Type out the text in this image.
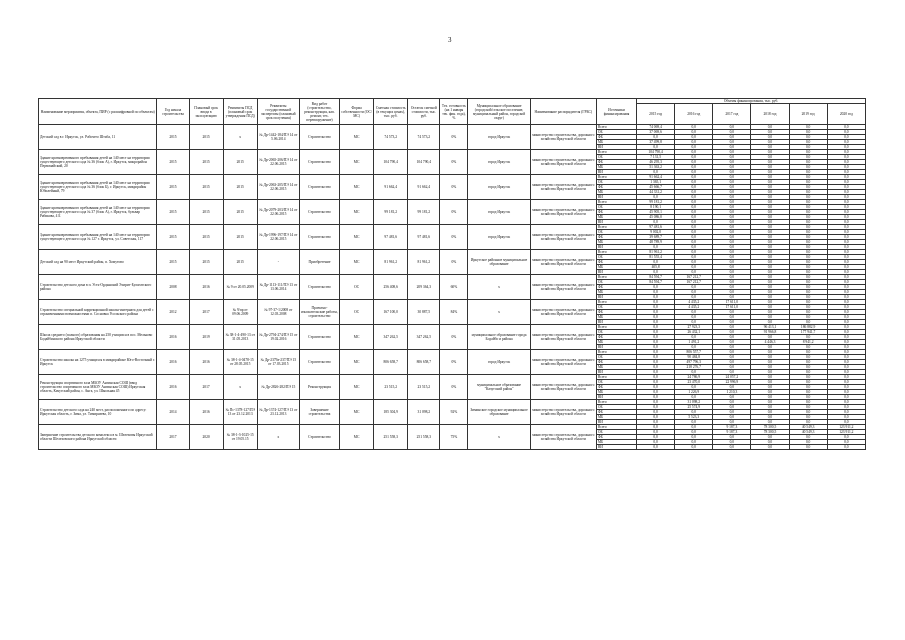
3
Наименование мероприятия, объекта, ПИР (с расшифровкой по объектам)	Год начала строительства	Плановый срок ввода в эксплуатацию	Реквизиты ПСД (плановый срок утверждения ПСД)	Реквизиты государственной экспертизы (плановый срок получения)	Вид работ (строительство, реконструкция, кап. ремонт, тех. перевооружение)	Форма собственности (ОС/МС)	Сметная стоимость (в текущих ценах), тыс. руб.	Остаток сметной стоимости, тыс. руб.	Тех. готовность (на 1 января тек. фин. года), %	Муниципальное образование (городской/сельское поселение, муниципальный район, городской округ)	Наименование распорядителя (ГРБС)	Источники финансирования	Объемы финансирования, тыс. руб.					
													2015 год	2016 год	2017 год	2018 год	2019 год	2020 год
Детский сад в г. Иркутск, ул. Рабочего Штаба, 11	2015	2015	х	№ Др-1442-184/ПЭ 14 от 5.06.2014	Строительство	МС	74 573,2	74 573,2	0%	город Иркутск	министерство строительства, дорожного хозяйства Иркутской области	Всего	74 069,4	0,0	0,0	0,0	0,0	0,0
												ОБ	37 069,6	0,0	0,0	0,0	0,0	0,0
												ФБ	0,0	0,0	0,0	0,0	0,0	0,0
												МБ	37 499,8	0,0	0,0	0,0	0,0	0,0
												ВИ	0,0	0,0	0,0	0,0	0,0	0,0
Здание кратковременного пребывания детей на 140 мест на территории существующего детского сада № 36 (блок А), г. Иркутск, микрорайон Первомайский, 20	2015	2015	2015	№ Др-2065-206/ПЭ 14 от 22.06.2015	Строительство	МС	104 790,4	104 790,4	0%	город Иркутск	министерство строительства, дорожного хозяйства Иркутской области	Всего	104 790,4	0,0	0,0	0,0	0,0	0,0
												ОБ	7 131,5	0,0	0,0	0,0	0,0	0,0
												ФБ	46 295,3	0,0	0,0	0,0	0,0	0,0
												МБ	51 363,2	0,0	0,0	0,0	0,0	0,0
												ВИ	0,0	0,0	0,0	0,0	0,0	0,0
Здание кратковременного пребывания детей на 140 мест на территории существующего детского сада № 36 (блок Б), г. Иркутск, микрорайон Юбилейный, 79	2015	2015	2015	№ Др-2063-205/ПЭ 14 от 22.06.2015	Строительство	МС	91 662,4	91 662,4	0%	город Иркутск	министерство строительства, дорожного хозяйства Иркутской области	Всего	91 662,4	0,0	0,0	0,0	0,0	0,0
												ОБ	1 365,1	0,0	0,0	0,0	0,0	0,0
												ФБ	45 666,7	0,0	0,0	0,0	0,0	0,0
												МБ	44 331,2	0,0	0,0	0,0	0,0	0,0
												ВИ	0,0	0,0	0,0	0,0	0,0	0,0
Здание кратковременного пребывания детей на 140 мест на территории существующего детского сада № 37 (блок А), г. Иркутск, бульвар Рябикова, 4 Б	2015	2015	2015	№ Др-2079-203/ПЭ 14 от 22.06.2015	Строительство	МС	99 181,2	99 181,2	0%	город Иркутск	министерство строительства, дорожного хозяйства Иркутской области	Всего	99 181,2	0,0	0,0	0,0	0,0	0,0
												ОБ	8 190,1	0,0	0,0	0,0	0,0	0,0
												ФБ	45 905,1	0,0	0,0	0,0	0,0	0,0
												МБ	45 086,0	0,0	0,0	0,0	0,0	0,0
												ВИ	0,0	0,0	0,0	0,0	0,0	0,0
Здание кратковременного пребывания детей на 140 мест на территории существующего детского сада № 127 г. Иркутск, ул. Советская, 117	2015	2015	2015	№ Др-1996-197/ПЭ 14 от 22.06.2015	Строительство	МС	97 481,6	97 481,6	0%	город Иркутск	министерство строительства, дорожного хозяйства Иркутской области	Всего	97 481,6	0,0	0,0	0,0	0,0	0,0
												ОБ	9 002,0	0,0	0,0	0,0	0,0	0,0
												ФБ	39 689,7	0,0	0,0	0,0	0,0	0,0
												МБ	48 789,9	0,0	0,0	0,0	0,0	0,0
												ВИ	0,0	0,0	0,0	0,0	0,0	0,0
Детский сад на 90 мест Иркутский район, п. Хомутово	2015	2015	2015	-	Приобретение	МС	81 961,2	81 961,2	0%	Иркутское районное муниципальное образование	министерство строительства, дорожного хозяйства Иркутской области	Всего	81 961,2	0,0	0,0	0,0	0,0	0,0
												ОБ	81 555,4	0,0	0,0	0,0	0,0	0,0
												ФБ	0,0	0,0	0,0	0,0	0,0	0,0
												МБ	405,8	0,0	0,0	0,0	0,0	0,0
												ВИ	0,0	0,0	0,0	0,0	0,0	0,0
Строительство детского дома в п. Усть-Ордынский Эхирит-Булагатского района	2008	2016	№ 9 от 20.05.2009	№ Др-1113-111/ПЭ 13 от 13.06.2014	Строительство	ОС	256 408,6	209 364,3	60%	х	министерство строительства, дорожного хозяйства Иркутской области	Всего	84 594,7	167 212,7	0,0	0,0	0,0	0,0
												ОБ	84 594,7	167 212,7	0,0	0,0	0,0	0,0
												ФБ	0,0	0,0	0,0	0,0	0,0	0,0
												МБ	0,0	0,0	0,0	0,0	0,0	0,0
												ВИ	0,0	0,0	0,0	0,0	0,0	0,0
Строительство специальной коррекционной школы-интерната для детей с ограниченными возможностями п. Сосновка Усольского района	2012	2017	№ 9/пр от 09.06.2009	№ 97-37-1/2008 от 12.03.2008	Проектно-изыскательские работы, строительство	ОС	167 100,0	30 887,5	84%	х	министерство строительства, дорожного хозяйства Иркутской области	Всего	0,0	4 435,2	17 611,0	0,0	0,0	0,0
												ОБ	0,0	4 435,2	17 611,0	0,0	0,0	0,0
												ФБ	0,0	0,0	0,0	0,0	0,0	0,0
												МБ	0,0	0,0	0,0	0,0	0,0	0,0
												ВИ	0,0	0,0	0,0	0,0	0,0	0,0
Школа среднего (полного) образования на 250 учащихся в пос. Мельково Бодайбинского района Иркутской области	2016	2019	№ 38-1-4-490-13 от 31.05.2013	№ Др-2794-274/ПЭ 15 от 19.02.2016	Строительство	МС	347 262,5	347 262,5	0%	муниципальное образование города Бодайбо и района	министерство строительства, дорожного хозяйства Иркутской области	Всего	0,0	27 923,3	0,0	96 413,1	186 882,9	0,0
												ОБ	0,0	26 432,1	0,0	91 966,8	177 941,7	0,0
												ФБ	0,0	0,0	0,0	0,0	0,0	0,0
												МБ	0,0	1 491,2	0,0	4 446,3	8 941,2	0,0
												ВИ	0,0	0,0	0,0	0,0	0,0	0,0
Строительство школы на 1275 учащихся в микрорайоне Юго-Восточный г. Иркутск	2016	2016	№ 38-1-4-0478-15 от 28.05.2015	№ Др-2379а-237/ПЭ 15 от 17.03.2015	Строительство	МС	806 658,7	806 658,7	0%	город Иркутск	министерство строительства, дорожного хозяйства Иркутской области	Всего	0,0	806 557,7	0,0	0,0	0,0	0,0
												ОБ	0,0	90 484,8	0,0	0,0	0,0	0,0
												ФБ	0,0	497 796,3	0,0	0,0	0,0	0,0
												МБ	0,0	218 276,7	0,0	0,0	0,0	0,0
												ВИ	0,0	0,0	0,0	0,0	0,0	0,0
Реконструкция спортивного зала МБОУ Ангинская СОШ (ввод строительство спортивного зала МБОУ Ангинская СОШ) Иркутская область, Качугский район, с. Анга, ул. Школьная 45	2016	2017	х	№ Др-2826-282/ПЭ 15	Реконструкция	МС	23 515,2	23 515,2	0%	муниципальное образование "Качугский район"	министерство строительства, дорожного хозяйства Иркутской области	Всего	0,0	24 786,9	24 057,2	0,0	0,0	0,0
												ОБ	0,0	23 470,0	22 996,9	0,0	0,0	0,0
												ФБ	0,0	0,0	0,0	0,0	0,0	0,0
												МБ	0,0	1 226,9	1 210,3	0,0	0,0	0,0
												ВИ	0,0	0,0	0,0	0,0	0,0	0,0
Строительство детского сада на 240 мест, расположенного по адресу: Иркутская область, г. Зима, ул. Тимирязева, 10	2014	2016	№ Пс-1378-127/ПЭ 13 от 23.12.2013	№ Др-1374-127/ПЭ 13 от 23.12.2013	Завершение строительства	МС	185 304,9	31 098,2	92%	Зиминское городское муниципальное образование	министерство строительства, дорожного хозяйства Иркутской области	Всего	0,0	31 098,2	0,0	0,0	0,0	0,0
												ОБ	0,0	25 574,9	0,0	0,0	0,0	0,0
												ФБ	0,0	0,0	0,0	0,0	0,0	0,0
												МБ	0,0	5 523,3	0,0	0,0	0,0	0,0
												ВИ	0,0	0,0	0,0	0,0	0,0	0,0
Завершение строительства детского комплекса в м. Шелеховы Иркутской области Шелеховского района Иркутской области	2017	2020	№ 38-1-3-1025-15 от 19.05.15	х	Строительство	МС	251 558,3	251 558,3	75%	х	министерство строительства, дорожного хозяйства Иркутской области	Всего	0,0	0,0	9 187,3	78 300,5	40 549,3	123 911,2
												ОБ	0,0	0,0	9 187,3	78 300,5	40 549,3	123 911,2
												ФБ	0,0	0,0	0,0	0,0	0,0	0,0
												МБ	0,0	0,0	0,0	0,0	0,0	0,0
												ВИ	0,0	0,0	0,0	0,0	0,0	0,0
